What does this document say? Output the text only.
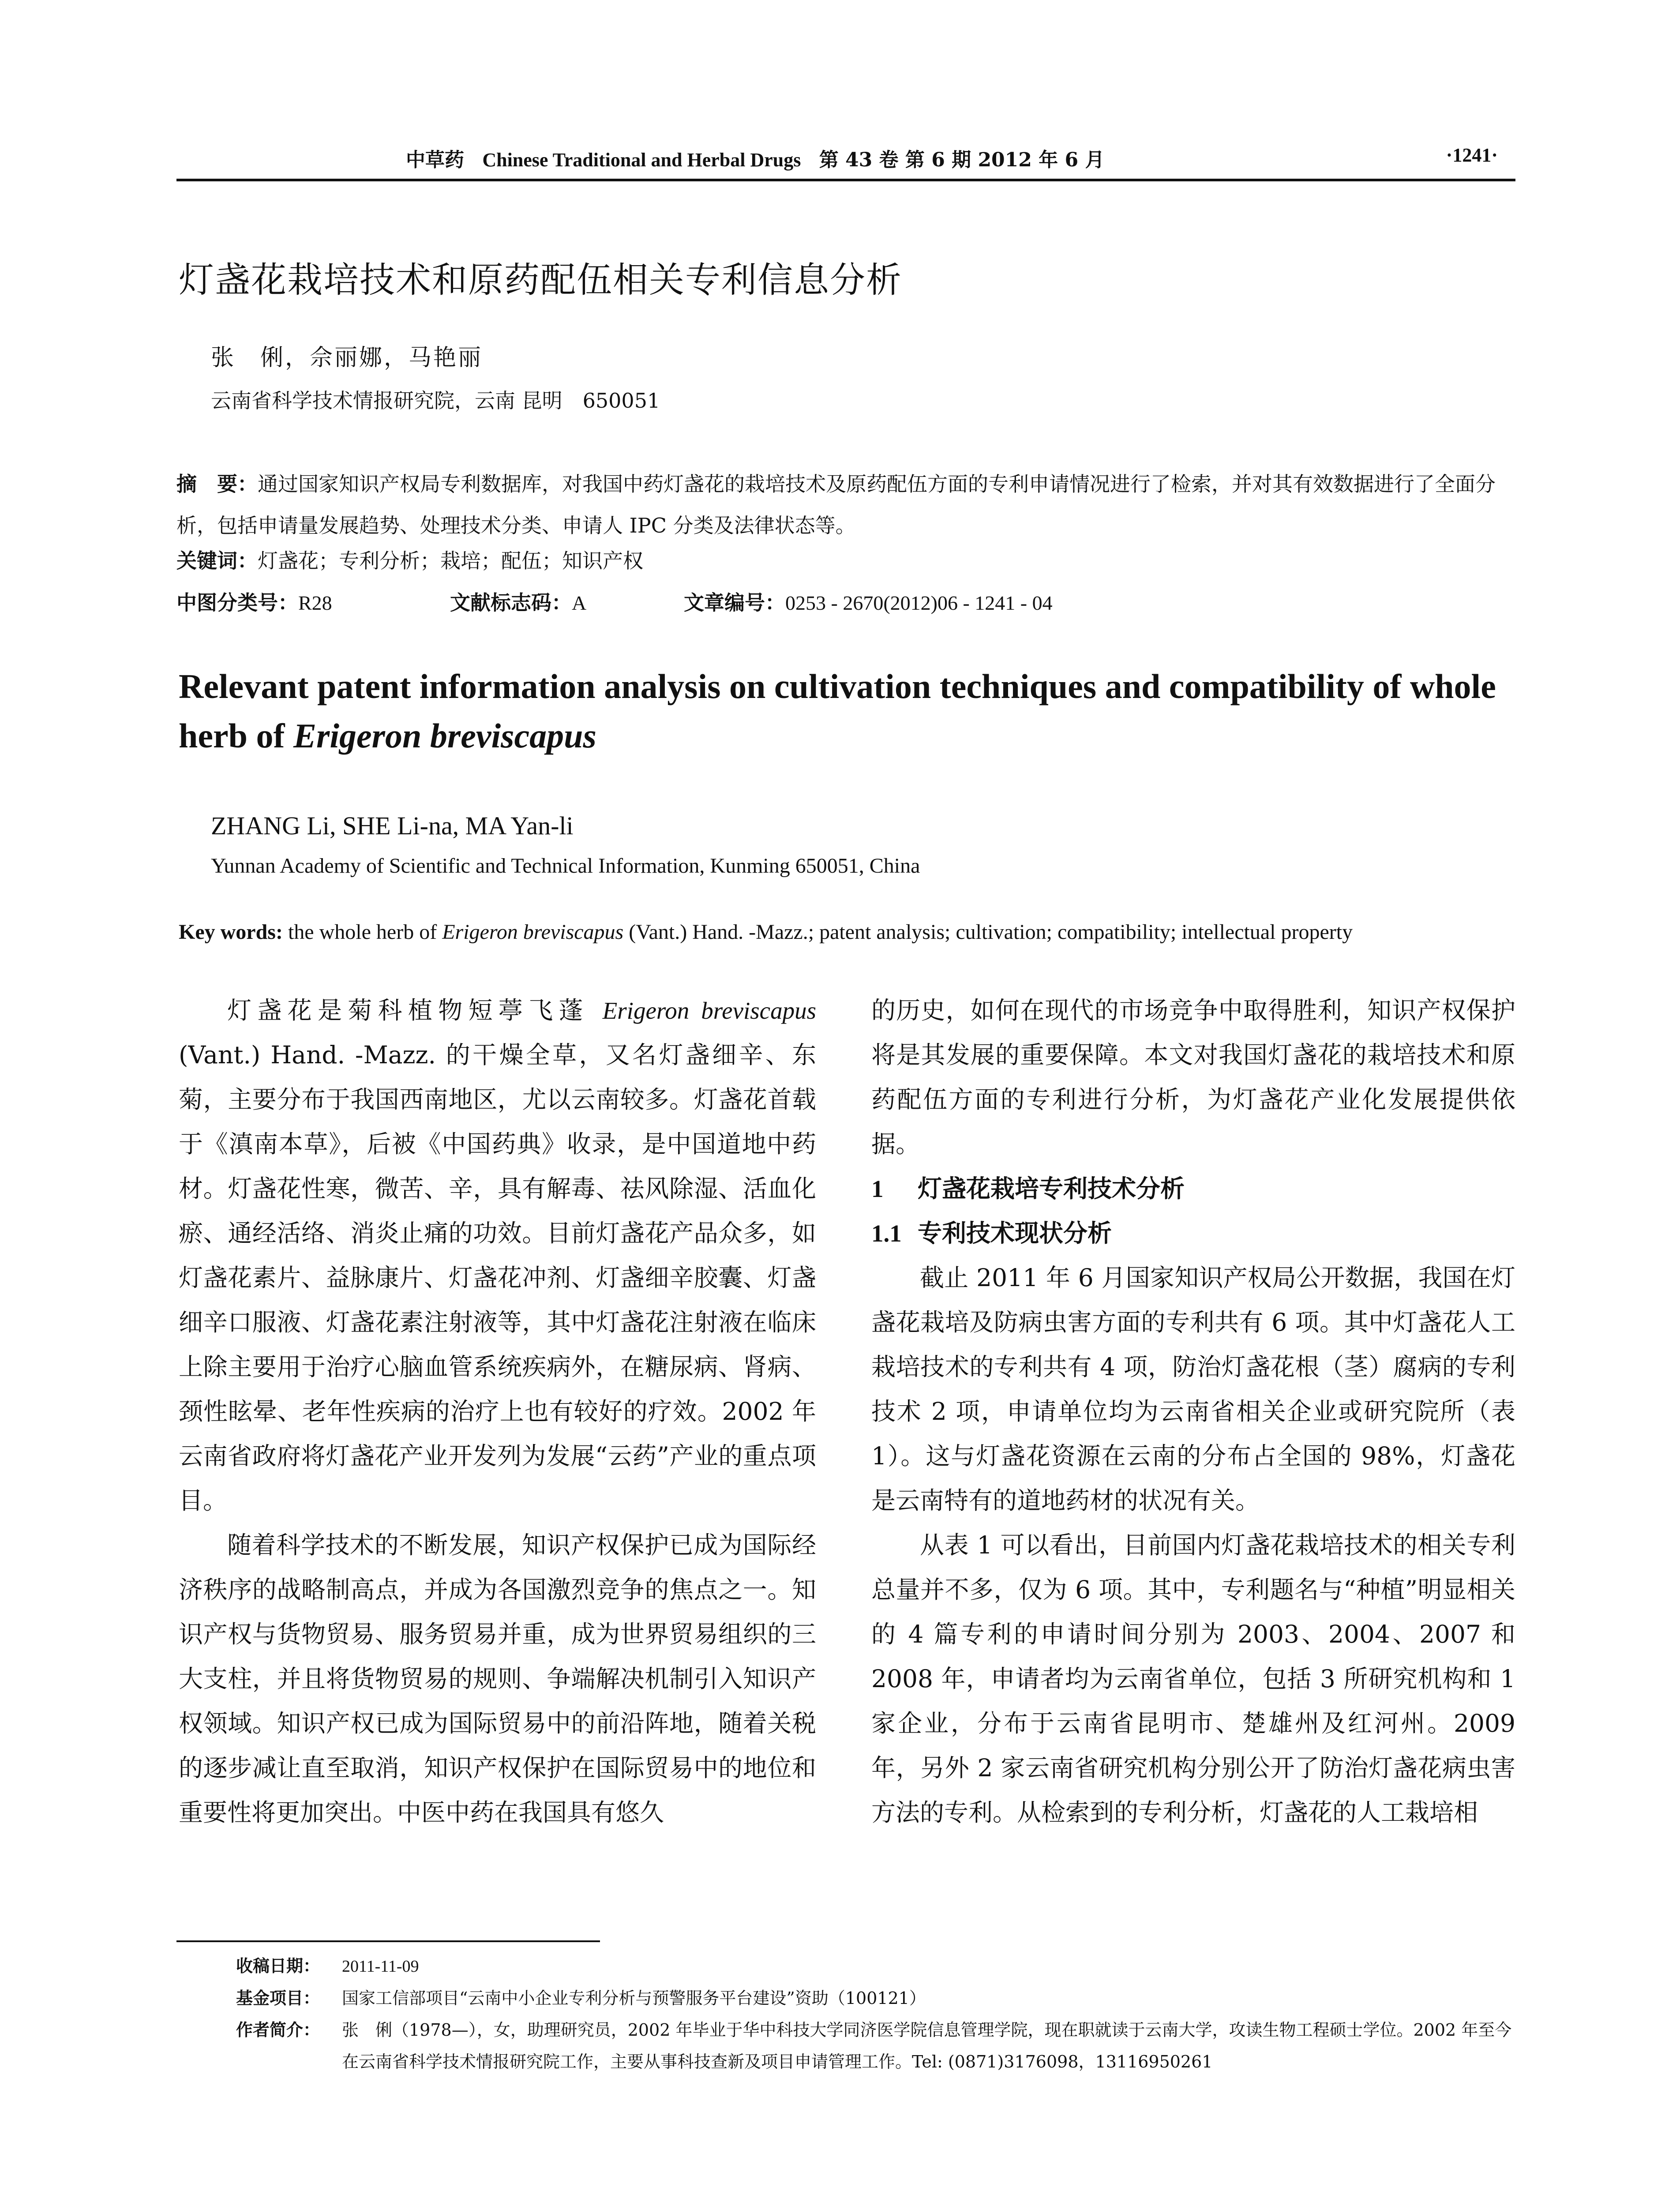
中草药 Chinese Traditional and Herbal Drugs 第 43 卷 第 6 期 2012 年 6 月	·1241·
灯盏花栽培技术和原药配伍相关专利信息分析
张　俐，佘丽娜，马艳丽
云南省科学技术情报研究院，云南 昆明　650051
摘　要：通过国家知识产权局专利数据库，对我国中药灯盏花的栽培技术及原药配伍方面的专利申请情况进行了检索，并对其有效数据进行了全面分析，包括申请量发展趋势、处理技术分类、申请人 IPC 分类及法律状态等。
关键词：灯盏花；专利分析；栽培；配伍；知识产权
中图分类号：R28	文献标志码：A	文章编号：0253 - 2670(2012)06 - 1241 - 04
Relevant patent information analysis on cultivation techniques and compatibility of whole herb of Erigeron breviscapus
ZHANG Li, SHE Li-na, MA Yan-li
Yunnan Academy of Scientific and Technical Information, Kunming 650051, China
Key words: the whole herb of Erigeron breviscapus (Vant.) Hand. -Mazz.; patent analysis; cultivation; compatibility; intellectual property

灯盏花是菊科植物短葶飞蓬 Erigeron breviscapus (Vant.) Hand. -Mazz. 的干燥全草，又名灯盏细辛、东菊，主要分布于我国西南地区，尤以云南较多。灯盏花首载于《滇南本草》，后被《中国药典》收录，是中国道地中药材。灯盏花性寒，微苦、辛，具有解毒、祛风除湿、活血化瘀、通经活络、消炎止痛的功效。目前灯盏花产品众多，如灯盏花素片、益脉康片、灯盏花冲剂、灯盏细辛胶囊、灯盏细辛口服液、灯盏花素注射液等，其中灯盏花注射液在临床上除主要用于治疗心脑血管系统疾病外，在糖尿病、肾病、颈性眩晕、老年性疾病的治疗上也有较好的疗效。2002 年云南省政府将灯盏花产业开发列为发展“云药”产业的重点项目。

随着科学技术的不断发展，知识产权保护已成为国际经济秩序的战略制高点，并成为各国激烈竞争的焦点之一。知识产权与货物贸易、服务贸易并重，成为世界贸易组织的三大支柱，并且将货物贸易的规则、争端解决机制引入知识产权领域。知识产权已成为国际贸易中的前沿阵地，随着关税的逐步减让直至取消，知识产权保护在国际贸易中的地位和重要性将更加突出。中医中药在我国具有悠久

的历史，如何在现代的市场竞争中取得胜利，知识产权保护将是其发展的重要保障。本文对我国灯盏花的栽培技术和原药配伍方面的专利进行分析，为灯盏花产业化发展提供依据。

1 灯盏花栽培专利技术分析
1.1 专利技术现状分析

截止 2011 年 6 月国家知识产权局公开数据，我国在灯盏花栽培及防病虫害方面的专利共有 6 项。其中灯盏花人工栽培技术的专利共有 4 项，防治灯盏花根（茎）腐病的专利技术 2 项，申请单位均为云南省相关企业或研究院所（表 1）。这与灯盏花资源在云南的分布占全国的 98%，灯盏花是云南特有的道地药材的状况有关。

从表 1 可以看出，目前国内灯盏花栽培技术的相关专利总量并不多，仅为 6 项。其中，专利题名与“种植”明显相关的 4 篇专利的申请时间分别为 2003、2004、2007 和 2008 年，申请者均为云南省单位，包括 3 所研究机构和 1 家企业，分布于云南省昆明市、楚雄州及红河州。2009 年，另外 2 家云南省研究机构分别公开了防治灯盏花病虫害方法的专利。从检索到的专利分析，灯盏花的人工栽培相

收稿日期： 2011-11-09
基金项目： 国家工信部项目“云南中小企业专利分析与预警服务平台建设”资助（100121）
作者简介： 张　俐（1978—），女，助理研究员，2002 年毕业于华中科技大学同济医学院信息管理学院，现在职就读于云南大学，攻读生物工程硕士学位。2002 年至今在云南省科学技术情报研究院工作，主要从事科技查新及项目申请管理工作。Tel: (0871)3176098，13116950261
